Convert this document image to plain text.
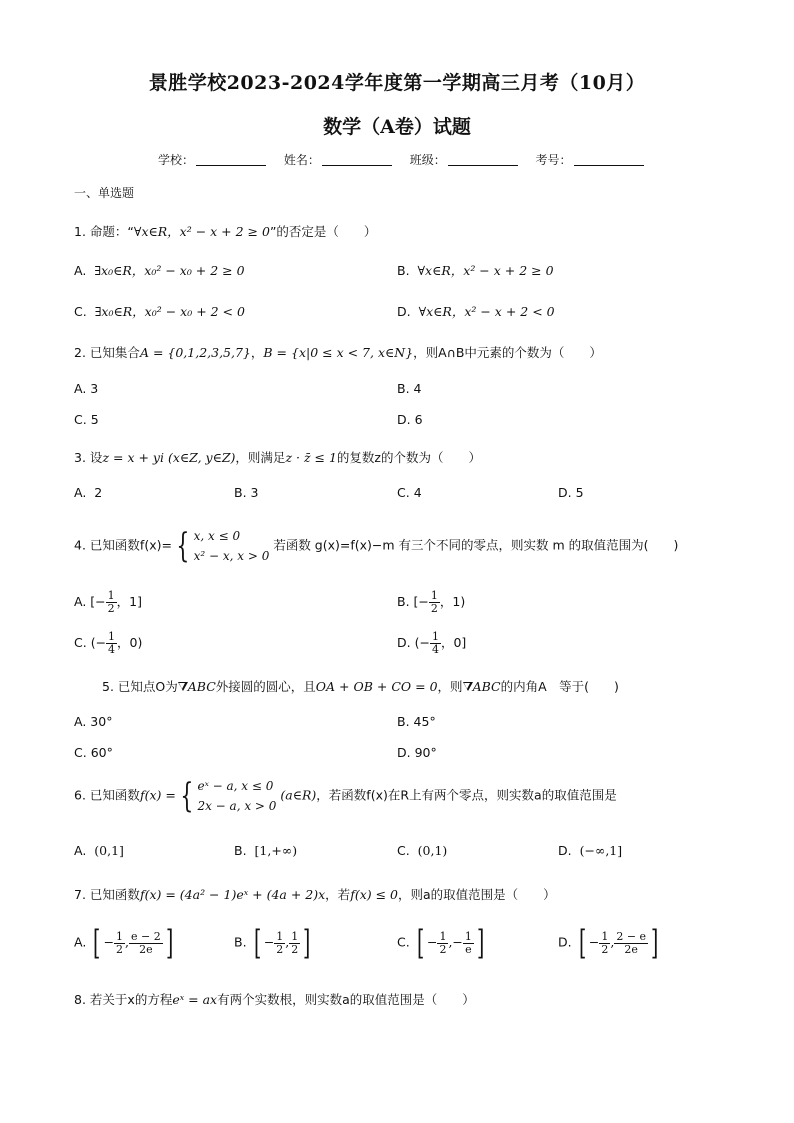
景胜学校2023-2024学年度第一学期高三月考（10月）
数学（A卷）试题
学校：	姓名：	班级：	考号：
一、单选题
1. 命题：“∀x∈R，x² − x + 2 ≥ 0”的否定是（　　）
A. ∃x₀∈R，x₀² − x₀ + 2 ≥ 0	B. ∀x∈R，x² − x + 2 ≥ 0
C. ∃x₀∈R，x₀² − x₀ + 2 < 0	D. ∀x∈R，x² − x + 2 < 0
2. 已知集合A = {0,1,2,3,5,7}，B = {x|0 ≤ x < 7, x∈N}，则A∩B中元素的个数为（　　）
A. 3	B. 4
C. 5	D. 6
3. 设z = x + yi (x∈Z, y∈Z)，则满足z · z̄ ≤ 1的复数z的个数为（　　）
A. 2	B. 3	C. 4	D. 5
4. 已知函数f(x)= { x, x ≤ 0
x² − x, x > 0
若函数 g(x)=f(x)−m 有三个不同的零点，则实数 m 的取值范围为(　　)
A. [− $\frac{1}{2}$ ，1]	B. [− $\frac{1}{2}$ ，1)
C. (− $\frac{1}{4}$ ，0)	D. (− $\frac{1}{4}$ ，0]
5. 已知点O为 ABC外接圆的圆心，且OA + OB + CO = 0，则 ABC的内角A　等于(　　)
A. 30°	B. 45°
C. 60°	D. 90°
6. 已知函数f(x) = { eˣ − a, x ≤ 0
2x − a, x > 0
(a∈R)，若函数f(x)在R上有两个零点，则实数a的取值范围是
A. (0,1]	B. [1,+∞)	C. (0,1)	D. (−∞,1]
7. 已知函数f(x) = (4a² − 1)eˣ + (4a + 2)x，若f(x) ≤ 0，则a的取值范围是（　　）
A. [ − $\frac{1}{2}$ , $\frac{e - 2}{2e}$ ]	B. [ − $\frac{1}{2}$ , $\frac{1}{2}$ ]	C. [ − $\frac{1}{2}$ ,− $\frac{1}{e}$ ]	D. [ − $\frac{1}{2}$ , $\frac{2 - e}{2e}$ ]
8. 若关于x的方程eˣ = ax有两个实数根，则实数a的取值范围是（　　）
